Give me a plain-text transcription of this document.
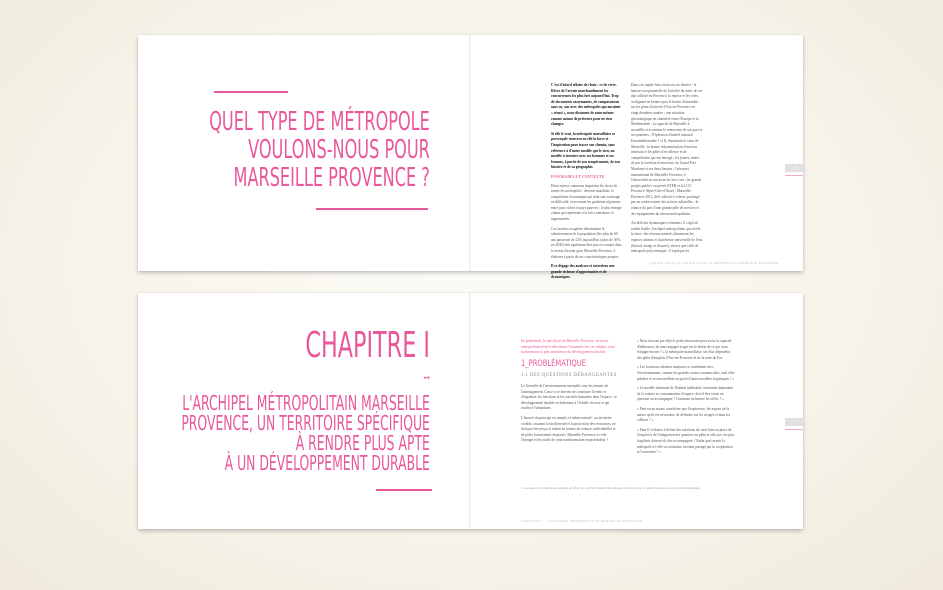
QUEL TYPE DE MÉTROPOLE
VOULONS-NOUS POUR
MARSEILLE PROVENCE ?

C'est d'abord affaire de choix : ce de vivre. Rêver de l'avenir marchandement les concurrences les plus fort aujourd'hui. Trop de documents rassemantes, de comparaisons sans vu, son avec des métropoles qui auraient « réussi », nous distanent de nous-mêmes comme autant de prétextes pour ne rien changer.

Si elle le veut, la métropole marseillaise se provençale trouvera en elle la force et l'inspiration pour tracer son chemin, sans référence à d'autre modèle que le sien, un modèle à inventer avec ses hommes et ses femmes, à partir de son tempérament, de son histoire et de sa géographie.

PANORAMA ET CONTEXTE

Deux enjeux communs importent les choix de toutes les métropoles : devenir mondiale, la compétition économique qui tient son voisinage en difficulté, et accentue les gradients régionaux entre pays riches et pays pauvres ; le plus énergie climat qui représente à la fois contraintes et opportunités.

Ces facteurs exogènes déterminent le ralentissement de la population (les plus de 60 ans passeront de 22% aujourd'hui à plus de 30% en 2030) doit également être pris en compte dans la vision d'avenir pour Marseille Provence, à élaborer à partir de ses caractéristiques propres.

Il se dégage des analyses et entretiens une grande richesse d'opportunités et de dynamiques.

Dans ces rapide liste citons en ces dernier : la hausse exceptionnelle de l'activité du trafic de cet dip sollicité en Provence, la reprise et les crées, soulignant en bonnes part le bassin d'ensemble sur les plans d'activité d'Aix-en-Provence en vingt dernières années ; une situation géostratégique en charnière entre l'Europe et la Méditerranée ; la capacité de Marseille à accueillir et accentuer le renouveau de son port et ses quartiers ; l'Opération d'intérêt national Euroméditerranée 1 et II, ébauchant le cœur de Marseille ; la bonne redynamisation d'un tissu innovant et les pôles d'excellence et de compétitivité qui ont émergé ; les jeunes, tentés de par la tradition d'ouverture, du Grand Port Maritime et ses deux bassins ; l'aéroport international de Marseille Provence, à l'attractivité accrue pour les low-cost ; les grands projets publics ou privés (ITER et la LGV Provence-Alpes-Côte-d'Azur) ; Marseille-Provence 2013, défi collectif à relever prolongé par un renforcement des actions culturelles ; la relance du port d'une grande pôle de services et des équipements de niveau métropolitain.

Au-delà des dynamiques existantes, il s'agit de rendre lisible, l'archipel métropolitain qui révèle la force, des réseaux naturels alimentant les espaces urbains et la présence universelle de l'eau (littoral, étangs et fleuves), vitesse que celle de métropole polycentrique : il explique les

QUELLE VISION D'AVENIR POUR LA MÉTROPOLE MARSEILLE PROVENCE
15
CHAPITRE I
--
L'ARCHIPEL MÉTROPOLITAIN MARSEILLE
PROVENCE, UN TERRITOIRE SPÉCIFIQUE
À RENDRE PLUS APTE
À UN DÉVELOPPEMENT DURABLE

En préambule, la spécificité de Marseille Provence, territoire métropolitain dont il sélectionne l'ensemble des cas urbains, rend la dimension la plus ambitieuse du développement durable.

1_PROBLÉMATIQUE
1.1 DES QUESTIONS DÉRANGEANTES

Le Grenelle de l'environnement interpelle tous les tenants de l'aménagement. Ceux-ci se doivent de construire l'avenir et d'organiser les fonctions et les activités humaines dans l'espace ; le développement durable se détermine à l'échelle de tout ce qui touche à l'urbanisme.

L'énoncé du principe est simple, et même naturel : un territoire vivable, assurant la biodiversité et la protection des ressources, ne doit pas être perçu et ralenti en termes de voitures individuelles et de pôles fonctionnels dispersés. Marseille Provence a-t-elle l'énergie et les outils de cette transformation en profondeur ?

« Nous n'avons pas déjà le poids nécessaire pour avoir la capacité d'influencer, de nous engager à agir sur le destin de ce qui nous échappe encore ? » la métropole marseillaise, ses élus dépendent des pôles d'emplois d'Aix-en-Provence et de la zone de Fos.

« Les fonctions urbaines majeures se combinent avec l'environnement, comme les grandes zones commerciales, sont elles pilotées et se renouvellent au profit d'autres modèles logistiques ? »

« Le modèle dominant de l'habitat individuel, fortement dépendant de la voiture et consommateur d'espace, doit-il être remis en question ou accompagné ? Comment en limiter les effets ? »

« Peut-on au moins considérer que l'expérience, les enjeux de la nature qu'ils est nécessaire de défendre sur les rivages et dans les collines ? »

« Faut-il s'éclairer à défaut des solutions du suivi bien en place de l'emploi et de l'intégration des quartiers en plein et efficace, les plus fragilisés doivent-ils être accompagnés ? Enfin quel avenir la métropole a-t-elle su construire un futur partagé par la coopération et l'ouverture ? »

1. Les enjeux de la métropole appellent un effort qui concilie l'intensité des échanges et des flux avec la qualité des espaces et la sobriété énergétique.
CHAPITRE I — L'ARCHIPEL MÉTROPOLITAIN MARSEILLE PROVENCE
17
